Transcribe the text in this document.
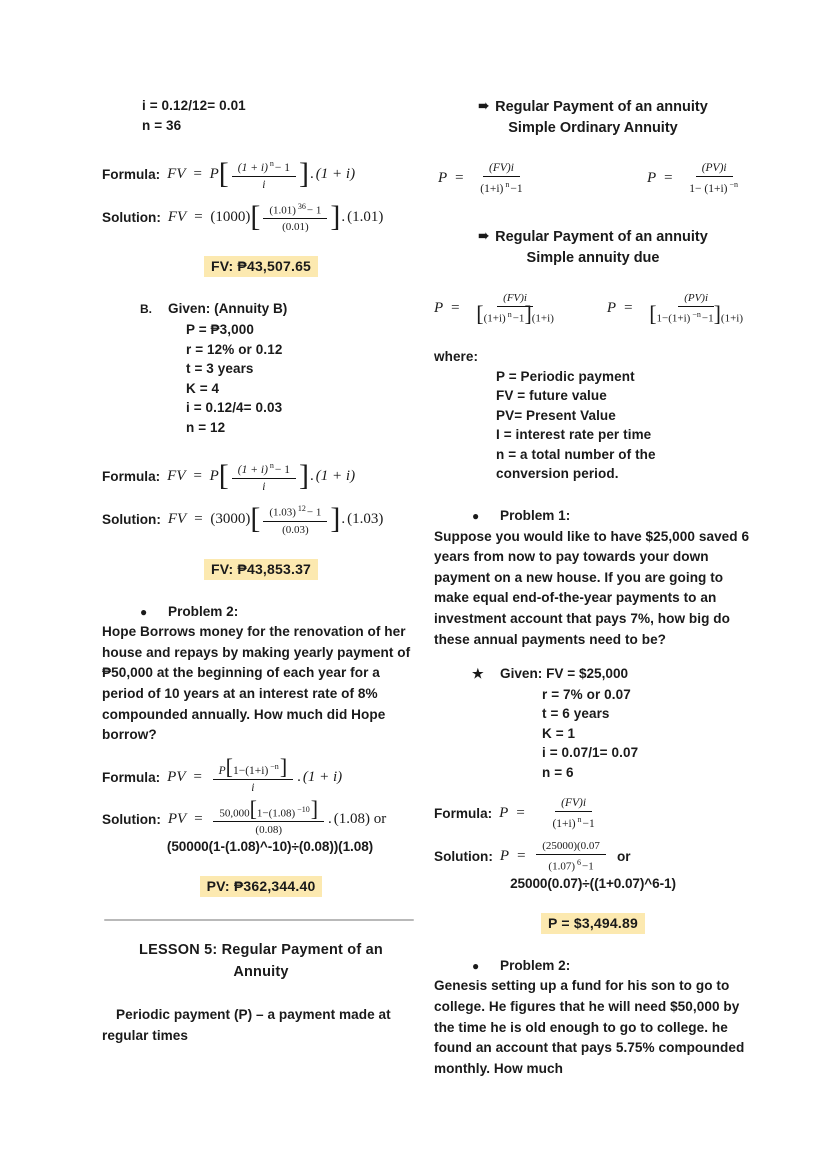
i = 0.12/12= 0.01
n = 36
Formula: FV = P [ $\frac{(1 + i) ^n- 1}{i}$ ] . (1 + i)
Solution: FV = (1000) [ $\frac{(1.01) ^{36}- 1}{(0.01)}$ ] . (1.01)
FV: ₱43,507.65
B.	Given: (Annuity B)
P = ₱3,000
r = 12% or 0.12
t = 3 years
K = 4
i = 0.12/4= 0.03
n = 12
Formula: FV = P [ $\frac{(1 + i) ^n- 1}{i}$ ] . (1 + i)
Solution: FV = (3000) [ $\frac{(1.03) ^{12}- 1}{(0.03)}$ ] . (1.03)
FV: ₱43,853.37
●	Problem 2:
Hope Borrows money for the renovation of her house and repays by making yearly payment of ₱50,000 at the beginning of each year for a period of 10 years at an interest rate of 8% compounded annually. How much did Hope borrow?
Formula: PV = $\frac{P[1-(1+i) ^{-n}]}{i}$ . (1 + i)
Solution: PV = $\frac{50,000[1-(1.08) ^{-10}]}{(0.08)}$ . (1.08) or
(50000(1-(1.08)^-10)÷(0.08))(1.08)
PV: ₱362,344.40
LESSON 5: Regular Payment of an
Annuity
Periodic payment (P) – a payment made at regular times
➠ Regular Payment of an annuity
Simple Ordinary Annuity
$P = \frac{(FV)i}{(1+i) ^n-1}$	$P = \frac{(PV)i}{1- (1+i) ^{-n}}$
➠ Regular Payment of an annuity
Simple annuity due
$P = \frac{(FV)i}{[(1+i) ^n-1](1+i)}$	$P = \frac{(PV)i}{[1-(1+i) ^{-n}-1](1+i)}$
where:
P = Periodic payment
FV = future value
PV= Present Value
I = interest rate per time
n = a total number of the
conversion period.
●	Problem 1:
Suppose you would like to have $25,000 saved 6 years from now to pay towards your down payment on a new house. If you are going to make equal end-of-the-year payments to an investment account that pays 7%, how big do these annual payments need to be?
★	Given: FV = $25,000
r = 7% or 0.07
t = 6 years
K = 1
i = 0.07/1= 0.07
n = 6
Formula: $P = \frac{(FV)i}{(1+i) ^n-1}$
Solution: $P = \frac{(25000)(0.07}{(1.07) ^6-1}$ or
25000(0.07)÷((1+0.07)^6-1)
P = $3,494.89
●	Problem 2:
Genesis setting up a fund for his son to go to college. He figures that he will need $50,000 by the time he is old enough to go to college. he found an account that pays 5.75% compounded monthly. How much
